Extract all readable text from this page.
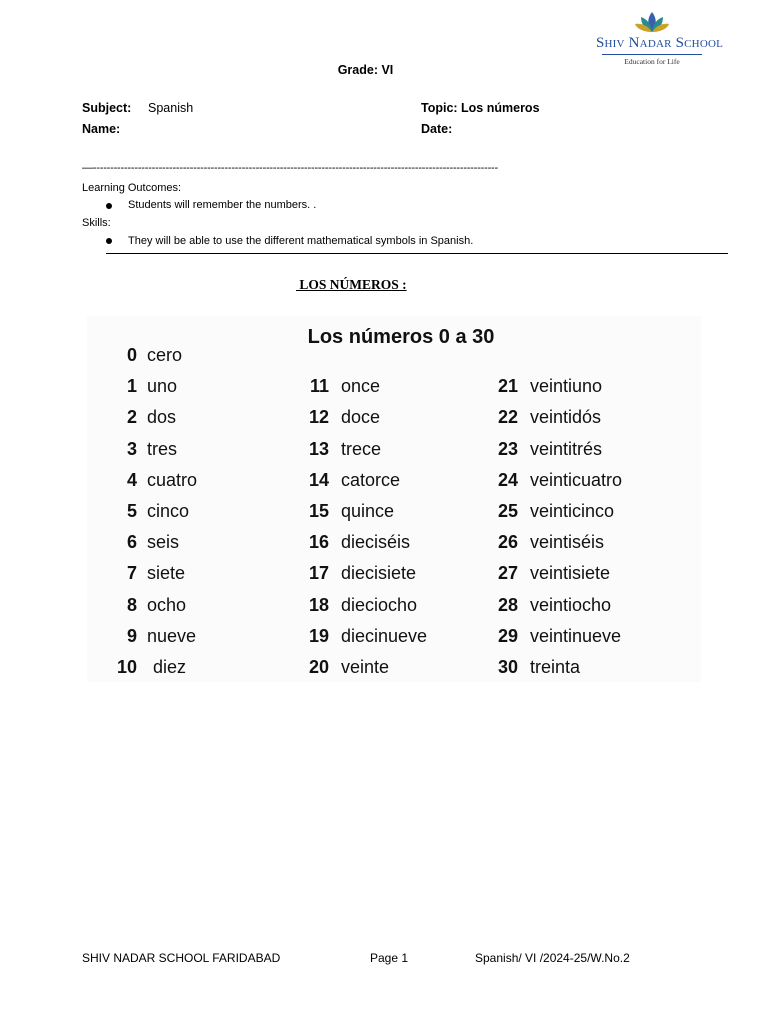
Shiv Nadar School
Education for Life
Grade: VI
Subject: Spanish	Topic: Los números
Name:	Date:
—---------------------------------------------------------------------------------------------------------------------
Learning Outcomes:
Students will remember the numbers. .
Skills:
They will be able to use the different mathematical symbols in Spanish.
LOS NÚMEROS :
Los números 0 a 30
0 cero
1 uno
2 dos
3 tres
4 cuatro
5 cinco
6 seis
7 siete
8 ocho
9 nueve
10 diez
11 once
12 doce
13 trece
14 catorce
15 quince
16 dieciséis
17 diecisiete
18 dieciocho
19 diecinueve
20 veinte
21 veintiuno
22 veintidós
23 veintitrés
24 veinticuatro
25 veinticinco
26 veintiséis
27 veintisiete
28 veintiocho
29 veintinueve
30 treinta
SHIV NADAR SCHOOL FARIDABAD	Page 1	Spanish/ VI /2024-25/W.No.2
